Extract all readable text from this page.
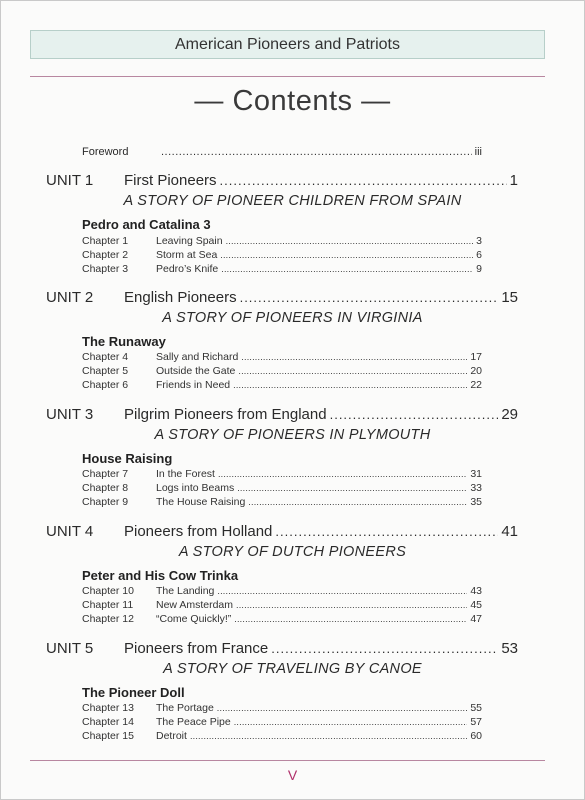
American Pioneers and Patriots
— Contents —
Foreword .....	iii
UNIT 1	First Pioneers .....	1
A STORY OF PIONEER CHILDREN FROM SPAIN
Pedro and Catalina 3
Chapter 1	Leaving Spain .....	3
Chapter 2	Storm at Sea .....	6
Chapter 3	Pedro’s Knife .....	9
UNIT 2	English Pioneers .....	15
A STORY OF PIONEERS IN VIRGINIA
The Runaway
Chapter 4	Sally and Richard .....	17
Chapter 5	Outside the Gate .....	20
Chapter 6	Friends in Need .....	22
UNIT 3	Pilgrim Pioneers from England .....	29
A STORY OF PIONEERS IN PLYMOUTH
House Raising
Chapter 7	In the Forest .....	31
Chapter 8	Logs into Beams .....	33
Chapter 9	The House Raising .....	35
UNIT 4	Pioneers from Holland .....	41
A STORY OF DUTCH PIONEERS
Peter and His Cow Trinka
Chapter 10	The Landing .....	43
Chapter 11	New Amsterdam .....	45
Chapter 12	“Come Quickly!” .....	47
UNIT 5	Pioneers from France .....	53
A STORY OF TRAVELING BY CANOE
The Pioneer Doll
Chapter 13	The Portage .....	55
Chapter 14	The Peace Pipe .....	57
Chapter 15	Detroit .....	60
V
